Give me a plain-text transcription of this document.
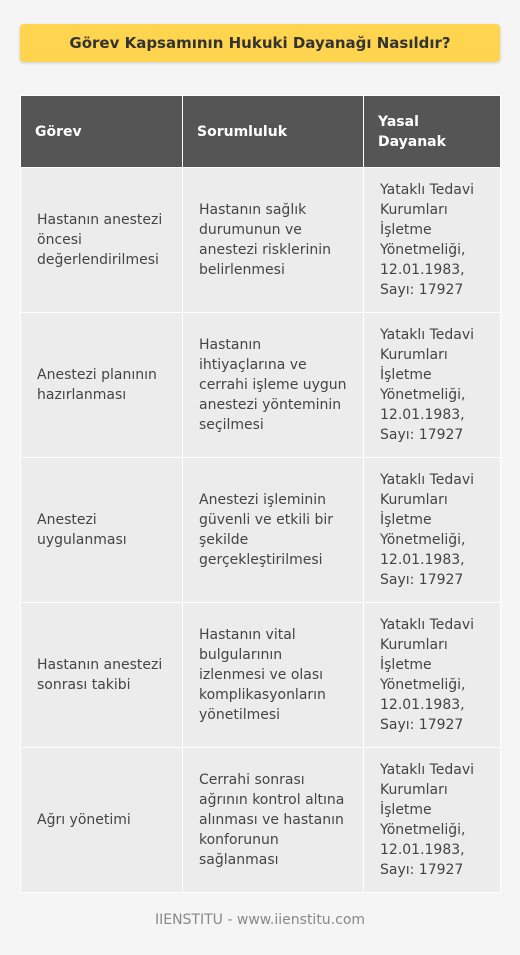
Görev Kapsamının Hukuki Dayanağı Nasıldır?
Görev	Sorumluluk	Yasal Dayanak
Hastanın anestezi öncesi değerlendirilmesi	Hastanın sağlık durumunun ve anestezi risklerinin belirlenmesi	Yataklı Tedavi Kurumları İşletme Yönetmeliği, 12.01.1983, Sayı: 17927
Anestezi planının hazırlanması	Hastanın ihtiyaçlarına ve cerrahi işleme uygun anestezi yönteminin seçilmesi	Yataklı Tedavi Kurumları İşletme Yönetmeliği, 12.01.1983, Sayı: 17927
Anestezi uygulanması	Anestezi işleminin güvenli ve etkili bir şekilde gerçekleştirilmesi	Yataklı Tedavi Kurumları İşletme Yönetmeliği, 12.01.1983, Sayı: 17927
Hastanın anestezi sonrası takibi	Hastanın vital bulgularının izlenmesi ve olası komplikasyonların yönetilmesi	Yataklı Tedavi Kurumları İşletme Yönetmeliği, 12.01.1983, Sayı: 17927
Ağrı yönetimi	Cerrahi sonrası ağrının kontrol altına alınması ve hastanın konforunun sağlanması	Yataklı Tedavi Kurumları İşletme Yönetmeliği, 12.01.1983, Sayı: 17927
IIENSTITU - www.iienstitu.com
